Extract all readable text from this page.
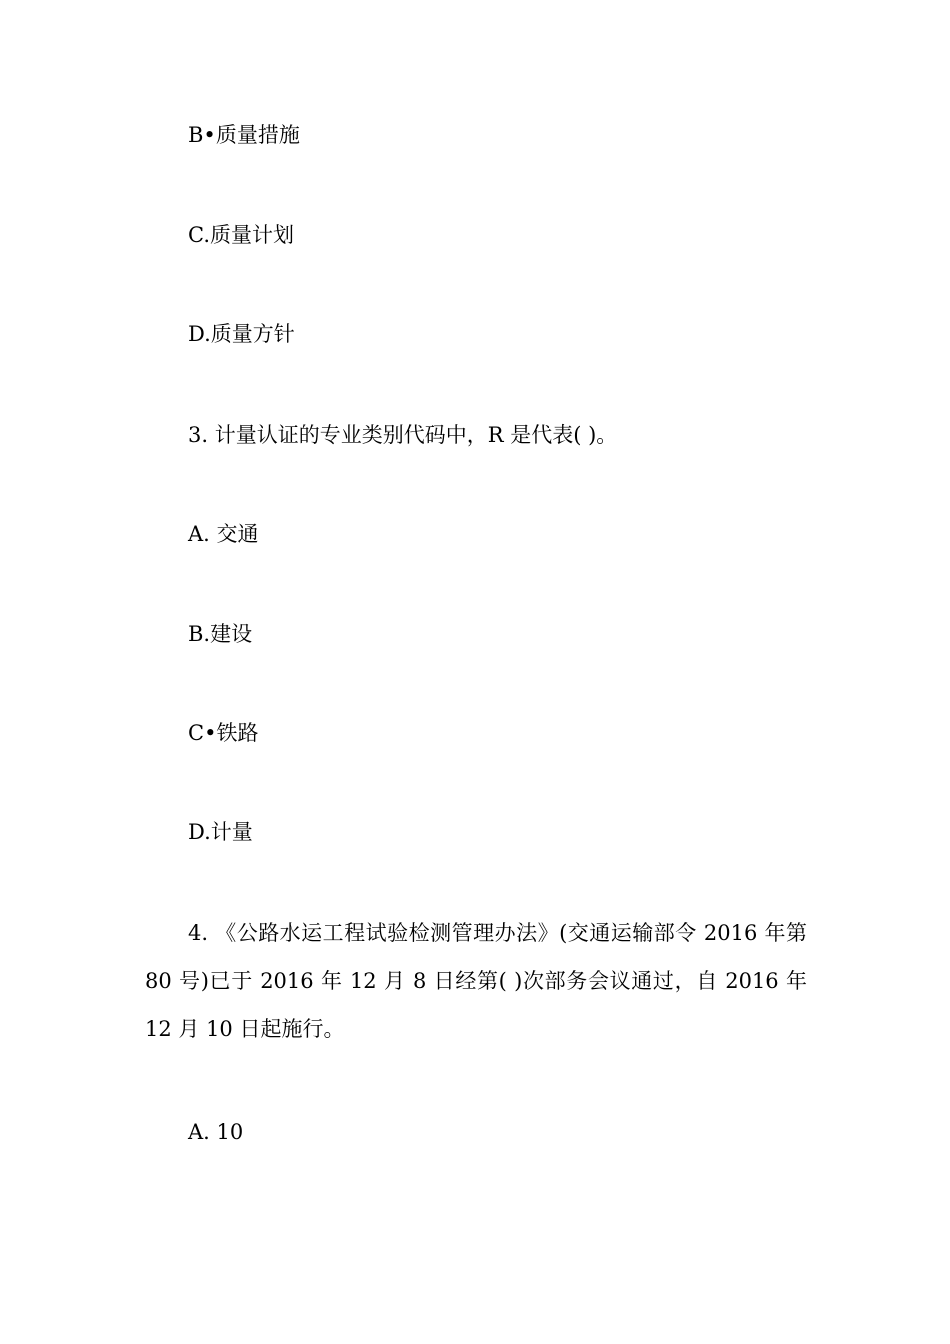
B•质量措施
C.质量计划
D.质量方针
3. 计量认证的专业类别代码中，R 是代表( )。
A. 交通
B.建设
C•铁路
D.计量
4. 《公路水运工程试验检测管理办法》(交通运输部令 2016 年第 80 号)已于 2016 年 12 月 8 日经第( )次部务会议通过，自 2016 年 12 月 10 日起施行。
A. 10
